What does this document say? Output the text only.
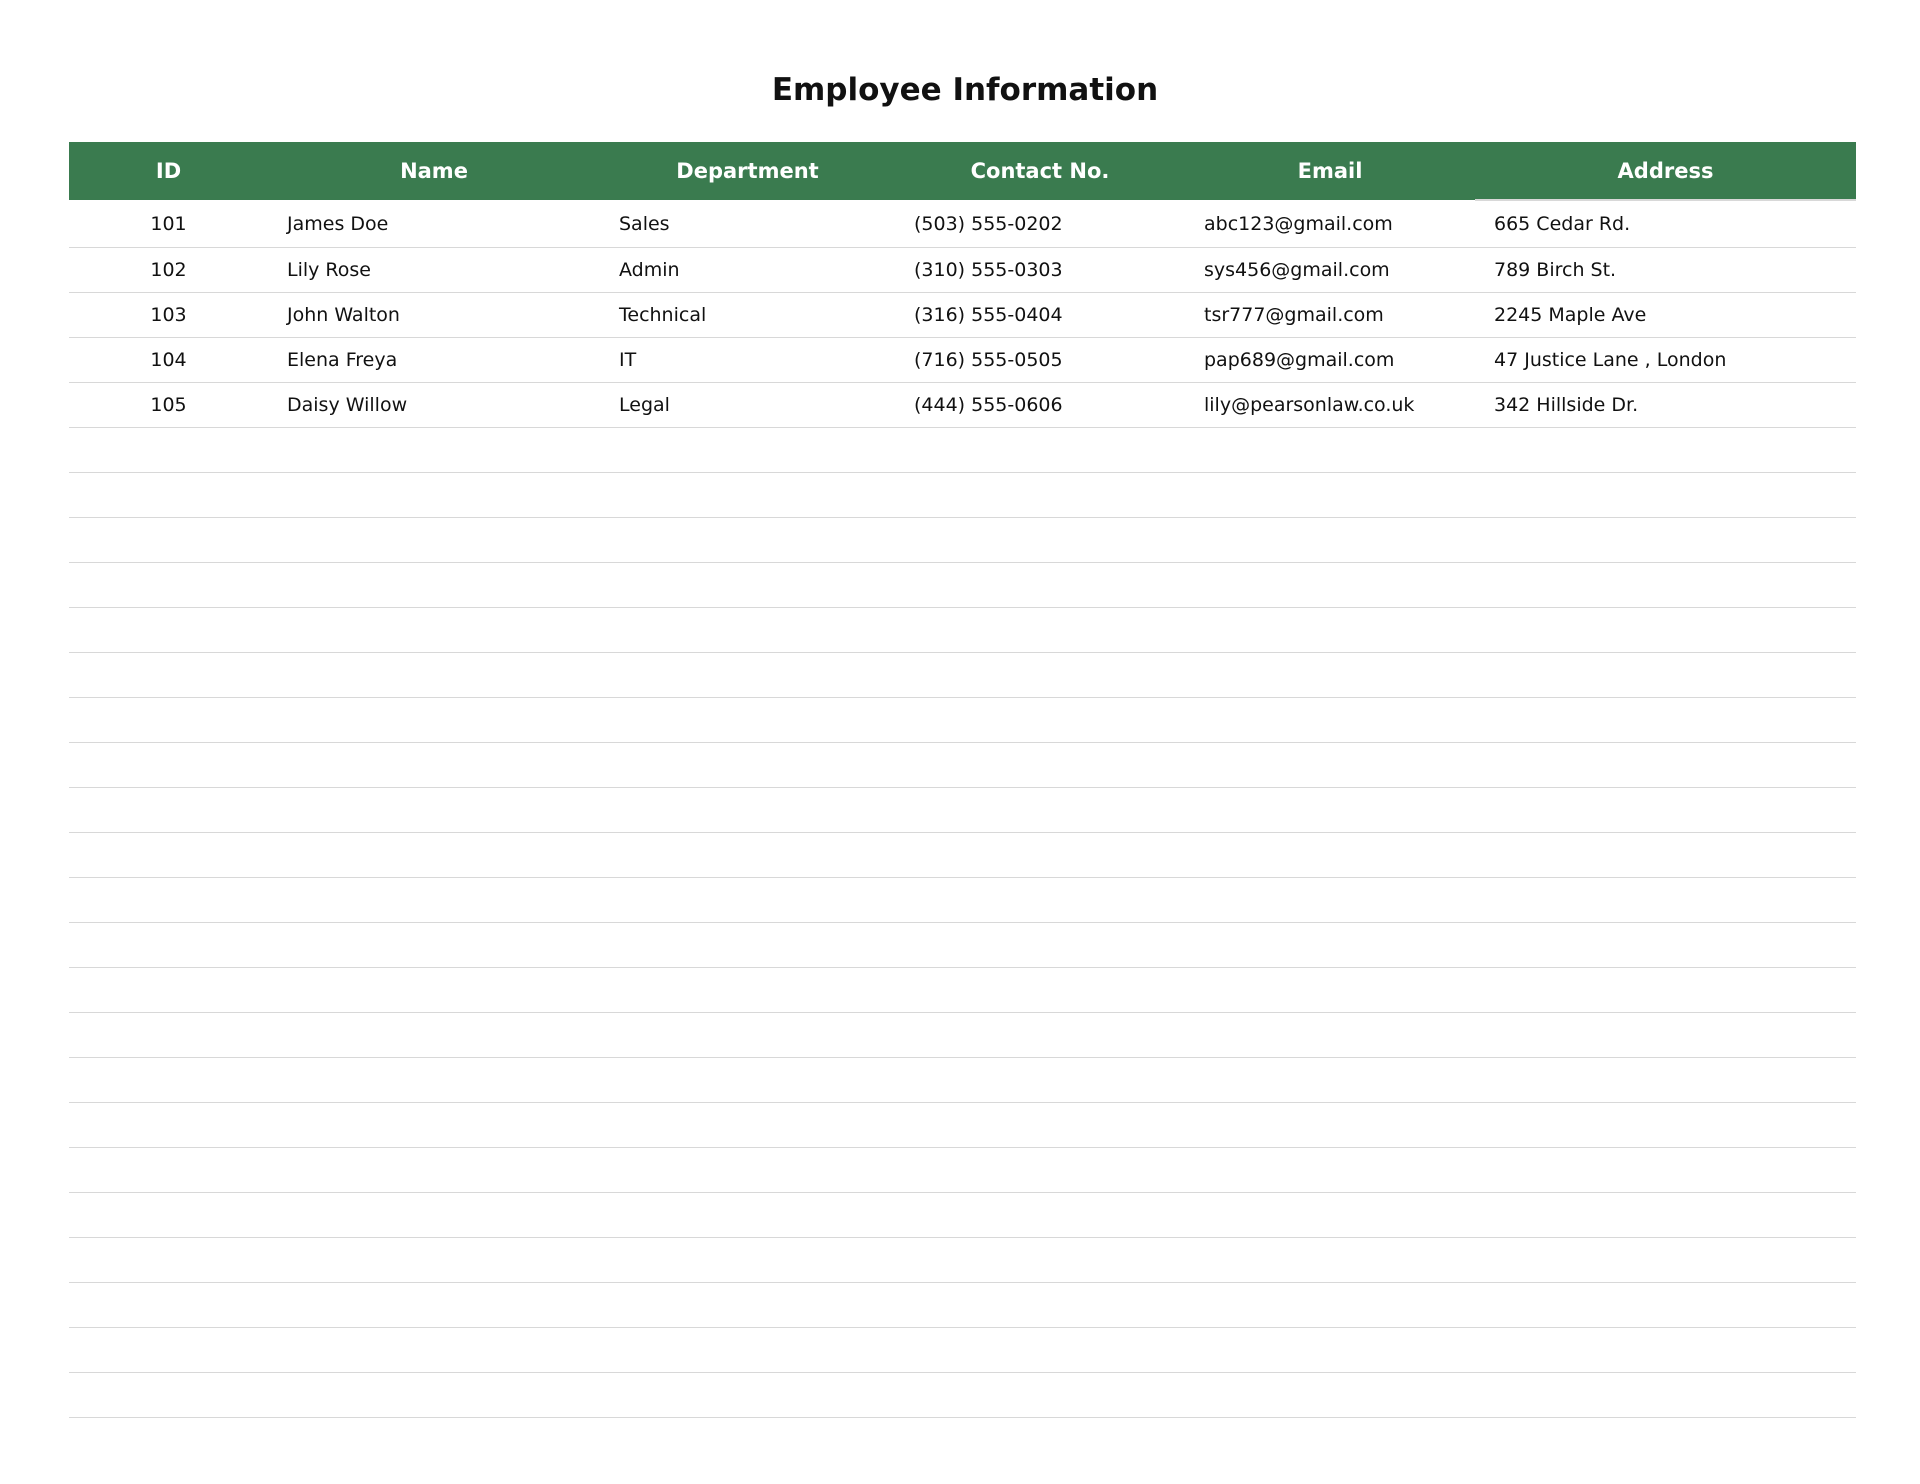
Employee Information
ID	Name	Department	Contact No.	Email	Address
101	James Doe	Sales	(503) 555-0202	abc123@gmail.com	665 Cedar Rd.
102	Lily Rose	Admin	(310) 555-0303	sys456@gmail.com	789 Birch St.
103	John Walton	Technical	(316) 555-0404	tsr777@gmail.com	2245 Maple Ave
104	Elena Freya	IT	(716) 555-0505	pap689@gmail.com	47 Justice Lane , London
105	Daisy Willow	Legal	(444) 555-0606	lily@pearsonlaw.co.uk	342 Hillside Dr.
